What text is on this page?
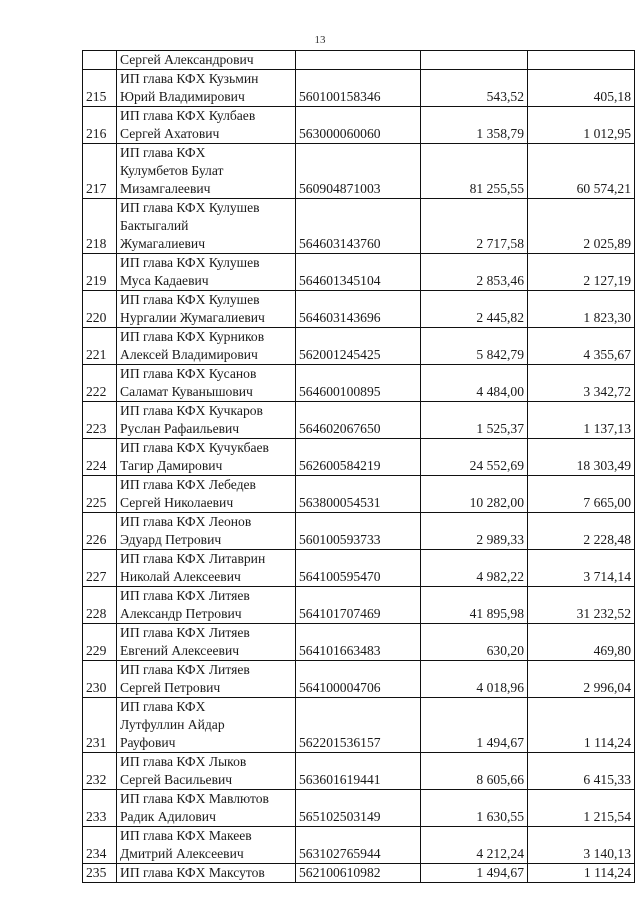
13

	Сергей Александрович			

215	ИП глава КФХ Кузьмин
Юрий Владимирович	560100158346	543,52	405,18
216	ИП глава КФХ Кулбаев
Сергей Ахатович	563000060060	1 358,79	1 012,95
217	ИП глава КФХ
Кулумбетов Булат
Мизамгалеевич	560904871003	81 255,55	60 574,21
218	ИП глава КФХ Кулушев
Бактыгалий
Жумагалиевич	564603143760	2 717,58	2 025,89
219	ИП глава КФХ Кулушев
Муса Кадаевич	564601345104	2 853,46	2 127,19
220	ИП глава КФХ Кулушев
Нургалии Жумагалиевич	564603143696	2 445,82	1 823,30
221	ИП глава КФХ Курников
Алексей Владимирович	562001245425	5 842,79	4 355,67
222	ИП глава КФХ Кусанов
Саламат Куванышович	564600100895	4 484,00	3 342,72
223	ИП глава КФХ Кучкаров
Руслан Рафаильевич	564602067650	1 525,37	1 137,13
224	ИП глава КФХ Кучукбаев
Тагир Дамирович	562600584219	24 552,69	18 303,49
225	ИП глава КФХ Лебедев
Сергей Николаевич	563800054531	10 282,00	7 665,00
226	ИП глава КФХ Леонов
Эдуард Петрович	560100593733	2 989,33	2 228,48
227	ИП глава КФХ Литаврин
Николай Алексеевич	564100595470	4 982,22	3 714,14
228	ИП глава КФХ Литяев
Александр Петрович	564101707469	41 895,98	31 232,52
229	ИП глава КФХ Литяев
Евгений Алексеевич	564101663483	630,20	469,80
230	ИП глава КФХ Литяев
Сергей Петрович	564100004706	4 018,96	2 996,04
231	ИП глава КФХ
Лутфуллин Айдар
Рауфович	562201536157	1 494,67	1 114,24
232	ИП глава КФХ Лыков
Сергей Васильевич	563601619441	8 605,66	6 415,33
233	ИП глава КФХ Мавлютов
Радик Адилович	565102503149	1 630,55	1 215,54
234	ИП глава КФХ Макеев
Дмитрий Алексеевич	563102765944	4 212,24	3 140,13
235	ИП глава КФХ Максутов	562100610982	1 494,67	1 114,24
